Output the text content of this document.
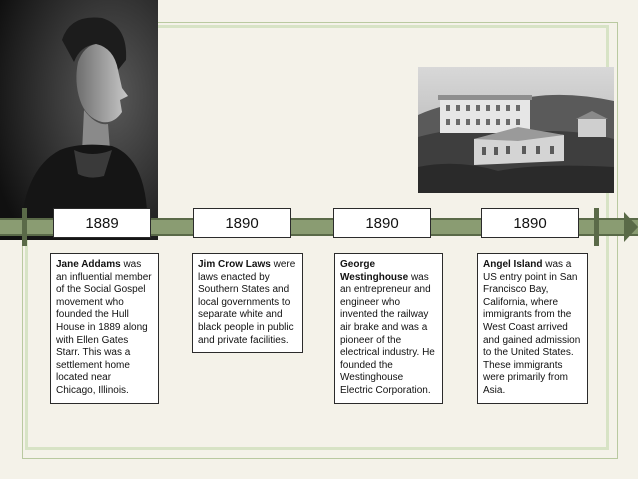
1889	1890	1890	1890
Jane Addams was an influential member of the Social Gospel movement who founded the Hull House in 1889 along with Ellen Gates Starr. This was a settlement home located near Chicago, Illinois.
Jim Crow Laws were laws enacted by Southern States and local governments to separate white and black people in public and private facilities.
George Westinghouse was an entrepreneur and engineer who invented the railway air brake and was a pioneer of the electrical industry. He founded the Westinghouse Electric Corporation.
Angel Island was a US entry point in San Francisco Bay, California, where immigrants from the West Coast arrived and gained admission to the United States. These immigrants were primarily from Asia.
